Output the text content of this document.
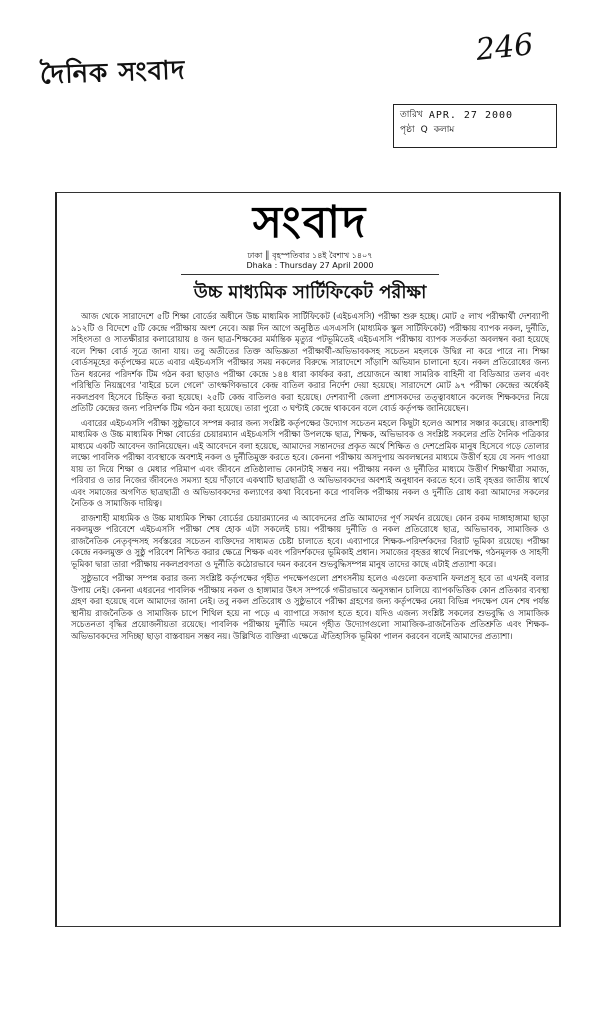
দৈনিক সংবাদ
246
তারিখ APR. 27 2000
পৃষ্ঠা Q কলাম
সংবাদ
ঢাকা ║ বৃহস্পতিবার ১৪ই বৈশাখ ১৪০৭
Dhaka : Thursday 27 April 2000
উচ্চ মাধ্যমিক সার্টিফিকেট পরীক্ষা

আজ থেকে সারাদেশে ৫টি শিক্ষা বোর্ডের অধীনে উচ্চ মাধ্যমিক সার্টিফিকেট (এইচএসসি) পরীক্ষা শুরু হচ্ছে। মোট ৫ লাখ পরীক্ষার্থী দেশব্যাপী ৯১২টি ও বিদেশে ৫টি কেন্দ্রে পরীক্ষায় অংশ নেবে। অল্প দিন আগে অনুষ্ঠিত এসএসসি (মাধ্যমিক স্কুল সার্টিফিকেট) পরীক্ষায় ব্যাপক নকল, দুর্নীতি, সহিংসতা ও সাতক্ষীরার কলারোয়ায় ৪ জন ছাত্র-শিক্ষকের মর্মান্তিক মৃত্যুর পটভূমিতেই এইচএসসি পরীক্ষায় ব্যাপক সতর্কতা অবলম্বন করা হয়েছে বলে শিক্ষা বোর্ড সূত্রে জানা যায়। তবু অতীতের তিক্ত অভিজ্ঞতা পরীক্ষার্থী-অভিভাবকসহ সচেতন মহলকে উদ্বিগ্ন না করে পারে না। শিক্ষা বোর্ডসমূহের কর্তৃপক্ষের মতে এবার এইচএসসি পরীক্ষার সময় নকলের বিরুদ্ধে সারাদেশে সাঁড়াশি অভিযান চালানো হবে। নকল প্রতিরোধের জন্য তিন ধরনের পরিদর্শক টিম গঠন করা ছাড়াও পরীক্ষা কেন্দ্রে ১৪৪ ধারা কার্যকর করা, প্রয়োজনে আধা সামরিক বাহিনী বা বিডিআর তলব এবং পরিস্থিতি নিয়ন্ত্রণের 'বাইরে চলে গেলে' তাৎক্ষণিকভাবে কেন্দ্র বাতিল করার নির্দেশ দেয়া হয়েছে। সারাদেশে মোট ৯৭ পরীক্ষা কেন্দ্রের অর্ধেকই নকলপ্রবণ হিসেবে চিহ্নিত করা হয়েছে। ২৫টি কেন্দ্র বাতিলও করা হয়েছে। দেশব্যাপী জেলা প্রশাসকদের তত্ত্বাবধানে কলেজ শিক্ষকদের নিয়ে প্রতিটি কেন্দ্রের জন্য পরিদর্শক টিম গঠন করা হয়েছে। তারা পুরো ৩ ঘণ্টাই কেন্দ্রে থাকবেন বলে বোর্ড কর্তৃপক্ষ জানিয়েছেন।

এবারের এইচএসসি পরীক্ষা সুষ্ঠুভাবে সম্পন্ন করার জন্য সংশ্লিষ্ট কর্তৃপক্ষের উদ্যোগ সচেতন মহলে কিছুটা হলেও আশার সঞ্চার করেছে। রাজশাহী মাধ্যমিক ও উচ্চ মাধ্যমিক শিক্ষা বোর্ডের চেয়ারম্যান এইচএসসি পরীক্ষা উপলক্ষে ছাত্র, শিক্ষক, অভিভাবক ও সংশ্লিষ্ট সকলের প্রতি দৈনিক পত্রিকার মাধ্যমে একটি আবেদন জানিয়েছেন। এই আবেদনে বলা হয়েছে, আমাদের সন্তানদের প্রকৃত অর্থে শিক্ষিত ও দেশপ্রেমিক মানুষ হিসেবে গড়ে তোলার লক্ষ্যে পাবলিক পরীক্ষা ব্যবস্থাকে অবশ্যই নকল ও দুর্নীতিমুক্ত করতে হবে। কেননা পরীক্ষায় অসদুপায় অবলম্বনের মাধ্যমে উত্তীর্ণ হয়ে যে সনদ পাওয়া যায় তা দিয়ে শিক্ষা ও মেধার পরিমাপ এবং জীবনে প্রতিষ্ঠালাভ কোনটাই সম্ভব নয়। পরীক্ষায় নকল ও দুর্নীতির মাধ্যমে উত্তীর্ণ শিক্ষার্থীরা সমাজ, পরিবার ও তার নিজের জীবনেও সমস্যা হয়ে দাঁড়াবে একথাটি ছাত্রছাত্রী ও অভিভাবকদের অবশ্যই অনুধাবন করতে হবে। তাই বৃহত্তর জাতীয় স্বার্থে এবং সমাজের অগণিত ছাত্রছাত্রী ও অভিভাবকদের কল্যাণের কথা বিবেচনা করে পাবলিক পরীক্ষায় নকল ও দুর্নীতি রোধ করা আমাদের সকলের নৈতিক ও সামাজিক দায়িত্ব।

রাজশাহী মাধ্যমিক ও উচ্চ মাধ্যমিক শিক্ষা বোর্ডের চেয়ারম্যানের এ আবেদনের প্রতি আমাদের পূর্ণ সমর্থন রয়েছে। কোন রকম দাঙ্গাহাঙ্গামা ছাড়া নকলমুক্ত পরিবেশে এইচএসসি পরীক্ষা শেষ হোক এটা সকলেই চায়। পরীক্ষায় দুর্নীতি ও নকল প্রতিরোধে ছাত্র, অভিভাবক, সামাজিক ও রাজনৈতিক নেতৃবৃন্দসহ সর্বস্তরের সচেতন ব্যক্তিদের সাধ্যমত চেষ্টা চালাতে হবে। এব্যাপারে শিক্ষক-পরিদর্শকদের বিরাট ভূমিকা রয়েছে। পরীক্ষা কেন্দ্রে নকলমুক্ত ও সুষ্ঠু পরিবেশ নিশ্চিত করার ক্ষেত্রে শিক্ষক এবং পরিদর্শকদের ভূমিকাই প্রধান। সমাজের বৃহত্তর স্বার্থে নিরপেক্ষ, গঠনমূলক ও সাহসী ভূমিকা দ্বারা তারা পরীক্ষায় নকলপ্রবণতা ও দুর্নীতি কঠোরভাবে দমন করবেন শুভবুদ্ধিসম্পন্ন মানুষ তাদের কাছে এটাই প্রত্যাশা করে।

সুষ্ঠুভাবে পরীক্ষা সম্পন্ন করার জন্য সংশ্লিষ্ট কর্তৃপক্ষের গৃহীত পদক্ষেপগুলো প্রশংসনীয় হলেও এগুলো কতখানি ফলপ্রসূ হবে তা এখনই বলার উপায় নেই। কেননা এধরনের পাবলিক পরীক্ষায় নকল ও হাঙ্গামার উৎস সম্পর্কে গভীরভাবে অনুসন্ধান চালিয়ে ব্যাপকভিত্তিক কোন প্রতিকার ব্যবস্থা গ্রহণ করা হয়েছে বলে আমাদের জানা নেই। তবু নকল প্রতিরোধ ও সুষ্ঠুভাবে পরীক্ষা গ্রহণের জন্য কর্তৃপক্ষের নেয়া বিভিন্ন পদক্ষেপ যেন শেষ পর্যন্ত স্থানীয় রাজনৈতিক ও সামাজিক চাপে শিথিল হয়ে না পড়ে এ ব্যাপারে সজাগ হতে হবে। যদিও এজন্য সংশ্লিষ্ট সকলের শুভবুদ্ধি ও সামাজিক সচেতনতা বৃদ্ধির প্রয়োজনীয়তা রয়েছে। পাবলিক পরীক্ষায় দুর্নীতি দমনে গৃহীত উদ্যোগগুলো সামাজিক-রাজনৈতিক প্রতিশ্রুতি এবং শিক্ষক-অভিভাবকদের সদিচ্ছা ছাড়া বাস্তবায়ন সম্ভব নয়। উল্লিখিত ব্যক্তিরা এক্ষেত্রে ঐতিহাসিক ভূমিকা পালন করবেন বলেই আমাদের প্রত্যাশা।
